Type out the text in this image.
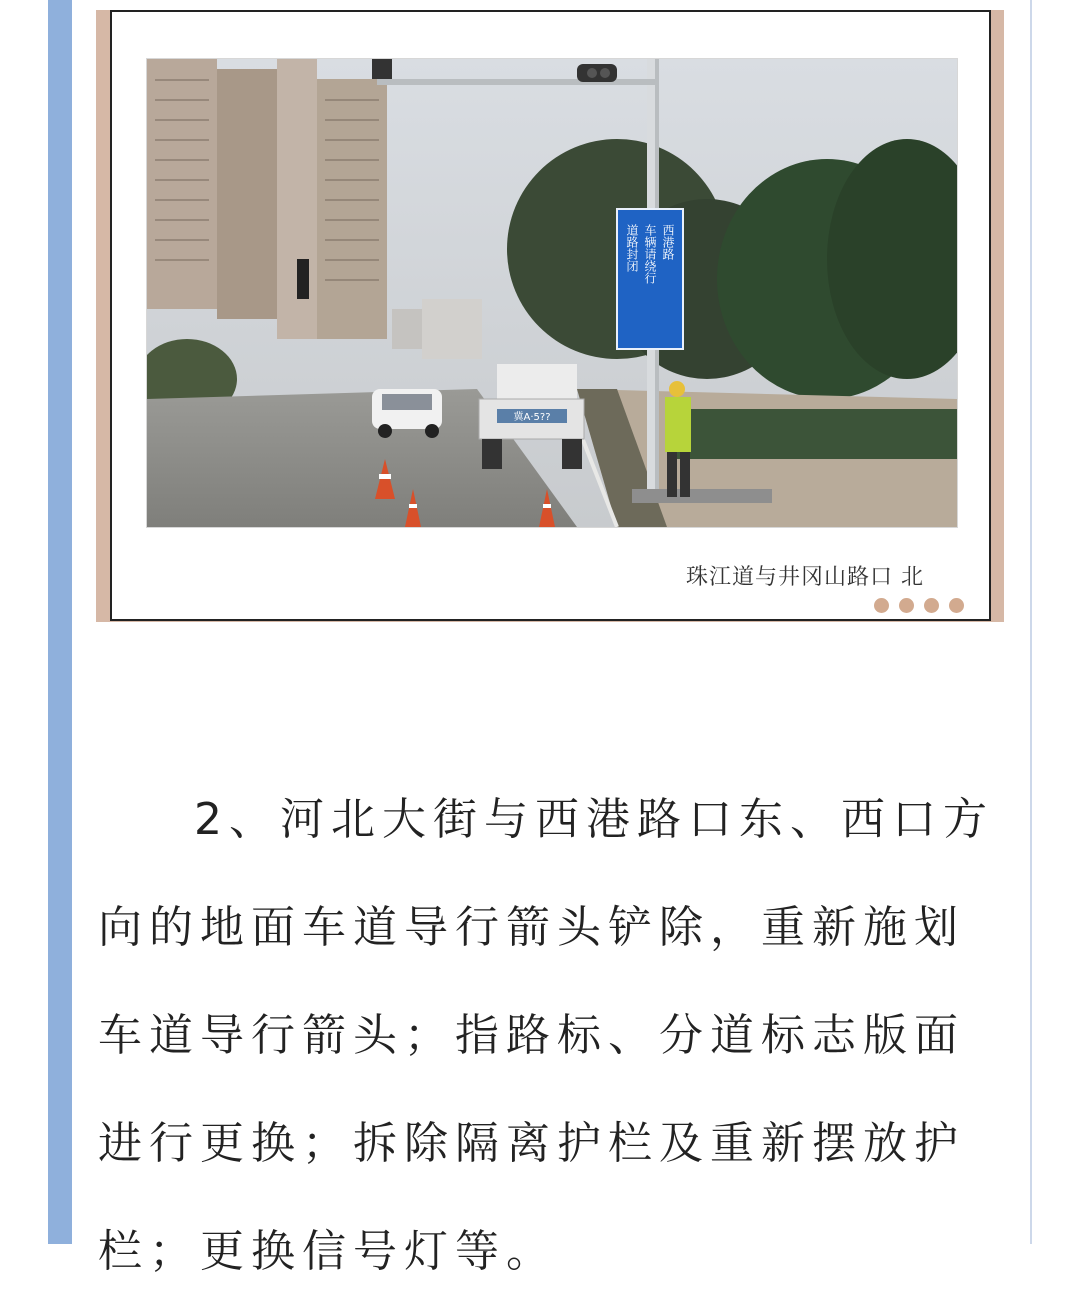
冀A·5??
道路封闭 车辆请绕行 西港路
珠江道与井冈山路口 北

2、河北大街与西港路口东、西口方向的地面车道导行箭头铲除，重新施划车道导行箭头；指路标、分道标志版面进行更换；拆除隔离护栏及重新摆放护栏；更换信号灯等。
